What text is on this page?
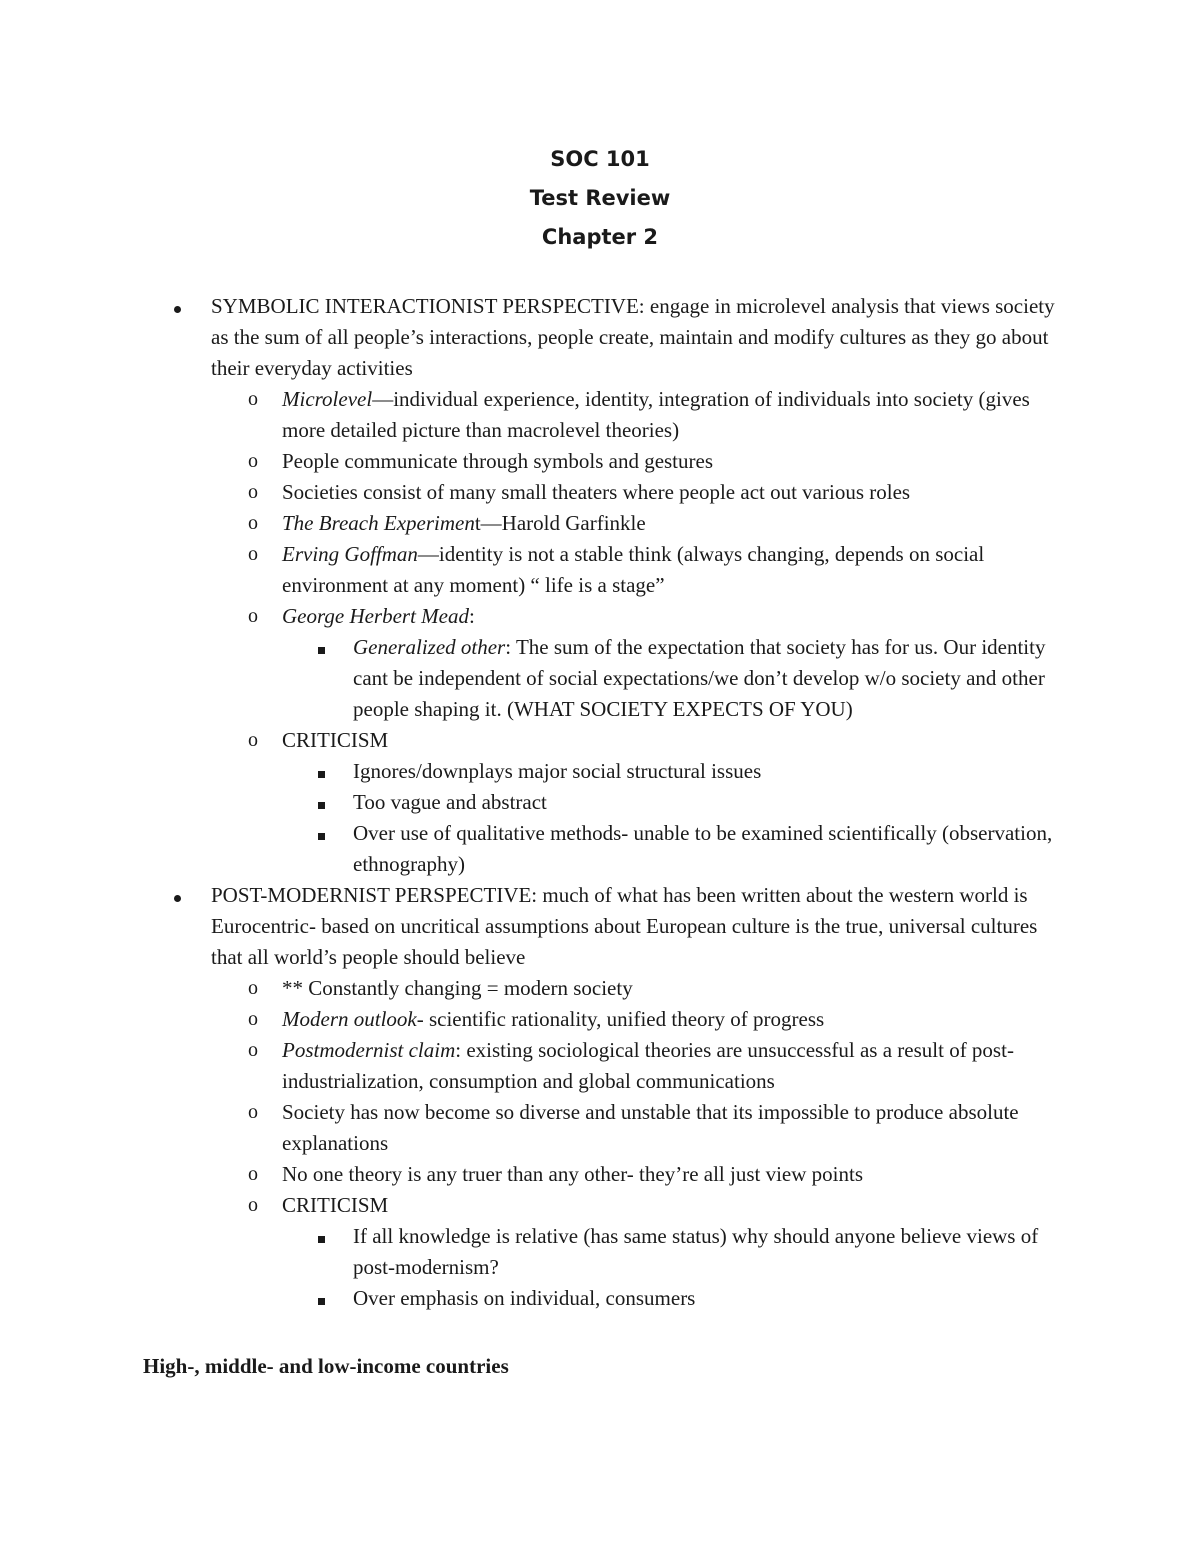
SOC 101
Test Review
Chapter 2
SYMBOLIC INTERACTIONIST PERSPECTIVE: engage in microlevel analysis that views society as the sum of all people’s interactions, people create, maintain and modify cultures as they go about their everyday activities
o Microlevel—individual experience, identity, integration of individuals into society (gives more detailed picture than macrolevel theories)
o People communicate through symbols and gestures
o Societies consist of many small theaters where people act out various roles
o The Breach Experiment—Harold Garfinkle
o Erving Goffman—identity is not a stable think (always changing, depends on social environment at any moment) “ life is a stage”
o George Herbert Mead:
Generalized other: The sum of the expectation that society has for us. Our identity cant be independent of social expectations/we don’t develop w/o society and other people shaping it. (WHAT SOCIETY EXPECTS OF YOU)
o CRITICISM
Ignores/downplays major social structural issues
Too vague and abstract
Over use of qualitative methods- unable to be examined scientifically (observation, ethnography)
POST-MODERNIST PERSPECTIVE: much of what has been written about the western world is Eurocentric- based on uncritical assumptions about European culture is the true, universal cultures that all world’s people should believe
o ** Constantly changing = modern society
o Modern outlook- scientific rationality, unified theory of progress
o Postmodernist claim: existing sociological theories are unsuccessful as a result of post-industrialization, consumption and global communications
o Society has now become so diverse and unstable that its impossible to produce absolute explanations
o No one theory is any truer than any other- they’re all just view points
o CRITICISM
If all knowledge is relative (has same status) why should anyone believe views of post-modernism?
Over emphasis on individual, consumers
High-, middle- and low-income countries
